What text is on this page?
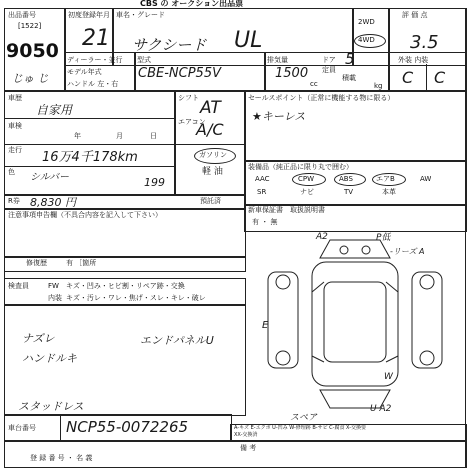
CBS の オークション出品票
出品番号
[1522]
9050
じゅ じ
初度登録年月
21
車名・グレード
サクシード UL
2WD
4WD
評 価 点
3.5
ディーラー・並行
モデル年式
ハンドル 左・右
型式
CBE-NCP55V
排気量
1500
cc
ドア 5
定員
積載
kg
外装 内装
C C
車歴
自家用
車検
年	月	日
走行 16万4千178km
色 シルバー	199
シフト AT
エアコン
A/C
ガソリン
軽 油
セールスポイント（正常に機能する物に限る）
★キーレス
装備品（純正品に限り丸で囲む）
AAC	CPW	ABS	エアB	AW
SR	ナビ	TV	本革
R券 8,830 円	預託済
新車保証書
有 ・ 無
取扱説明書
注意事項申告欄（不具合内容を記入して下さい）
修復歴	有 ［箇所
検査員	FW キズ・凹み・ヒビ割・リペア跡・交換
内装 キズ・汚レ・ワレ・焦げ・スレ・キレ・破レ
ナズレ
ハンドルキ
エンドパネルU
スタッドレス
A2	P低
-リーズ A
E
W
スペア
U A2
車台番号 NCP55-0072265	A-キズ E-エクボ U-凹み W-修理跡 B-サビ C-腐食 X-交換要
XX-交換済
登 録 番 号 ・ 名 義
備 考
